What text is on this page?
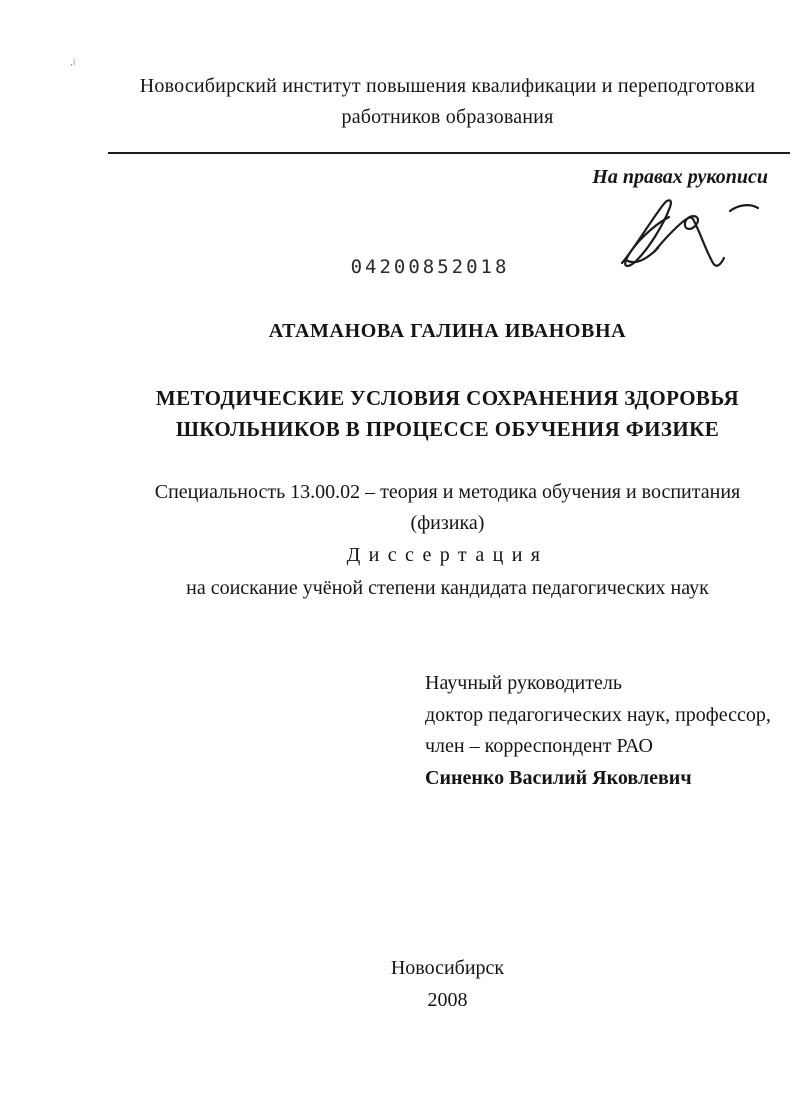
,i
Новосибирский институт повышения квалификации и переподготовки
работников образования
На правах рукописи
04200852018
АТАМАНОВА ГАЛИНА ИВАНОВНА
МЕТОДИЧЕСКИЕ УСЛОВИЯ СОХРАНЕНИЯ ЗДОРОВЬЯ
ШКОЛЬНИКОВ В ПРОЦЕССЕ ОБУЧЕНИЯ ФИЗИКЕ
Специальность 13.00.02 – теория и методика обучения и воспитания
(физика)
Диссертация
на соискание учёной степени кандидата педагогических наук
Научный руководитель
доктор педагогических наук, профессор,
член – корреспондент РАО
Синенко Василий Яковлевич
Новосибирск
2008
